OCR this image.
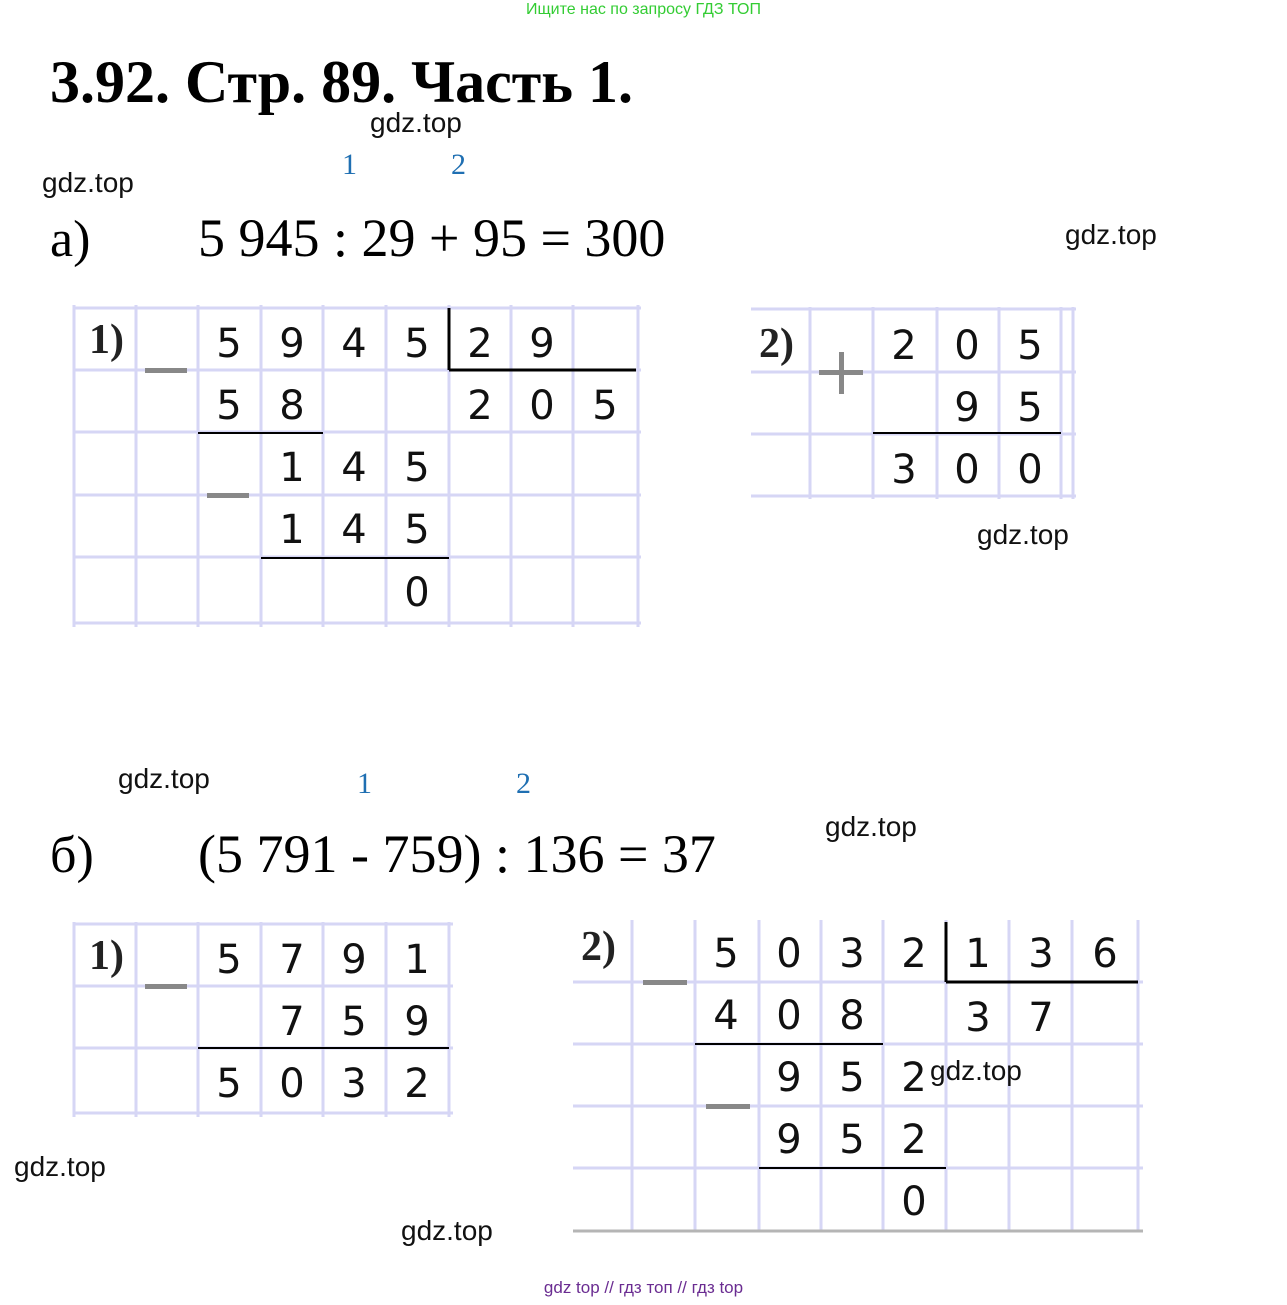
Ищите нас по запросу ГДЗ ТОП
3.92. Стр. 89. Часть 1.
gdz.top
gdz.top
gdz.top
gdz.top
gdz.top
gdz.top
gdz.top
gdz.top
1	2
а) 5 945 : 29 + 95 = 300
1) 5 9 4 5 2 9
5 8	2 0 5
1 4 5
1 4 5
0
2) 2 0 5
9 5
3 0 0
1	2
б) (5 791 - 759) : 136 = 37
1) 5 7 9 1
7 5 9
5 0 3 2
2) 5 0 3 2 1 3 6
4 0 8	3 7
9 5 2
9 5 2
0
gdz.top
gdz top // гдз топ // гдз top
